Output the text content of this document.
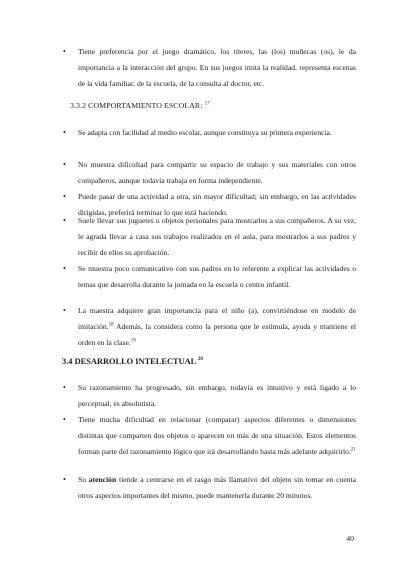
• Tiene preferencia por el juego dramático, los títeres, las (los) muñecas (os), le da importancia a la interacción del grupo. En sus juegos imita la realidad, representa escenas de la vida familiar, de la escuela, de la consulta al doctor, etc.
3.3.2 COMPORTAMIENTO ESCOLAR: $^{17}$
• Se adapta con facilidad al medio escolar, aunque constituya su primera experiencia.
• No muestra dificultad para compartir su espacio de trabajo y sus materiales con otros compañeros, aunque todavía trabaja en forma independiente.
• Puede pasar de una actividad a otra, sin mayor dificultad; sin embargo, en las actividades dirigidas, preferirá terminar lo que está haciendo.
• Suele llevar sus juguetes u objetos personales para mostrarlos a sus compañeros. A su vez, le agrada llevar a casa sus trabajos realizados en el aula, para mostrarlos a sus padres y recibir de ellos su aprobación.
• Se muestra poco comunicativo con sus padres en lo referente a explicar las actividades o temas que desarrolla durante la jornada en la escuela o centro infantil.
• La maestra adquiere gran importancia para el niño (a), convirtiéndose en modelo de imitación.$^{18}$ Además, la considera como la persona que le estimula, ayuda y mantiene el orden en la clase.$^{19}$
3.4 DESARROLLO INTELECTUAL $^{20}$
• Su razonamiento ha progresado, sin embargo, todavía es intuitivo y está ligado a lo perceptual, es absolutista.
• Tiene mucha dificultad en relacionar (comparar) aspectos diferentes o dimensiones distintas que comparten dos objetos o aparecen en más de una situación. Estos elementos forman parte del razonamiento lógico que irá desarrollando hasta más adelante adquirirlo.$^{21}$
• Su atención tiende a centrarse en el rasgo más llamativo del objeto sin tomar en cuenta otros aspectos importantes del mismo, puede mantenerla durante 20 minutos.
40
